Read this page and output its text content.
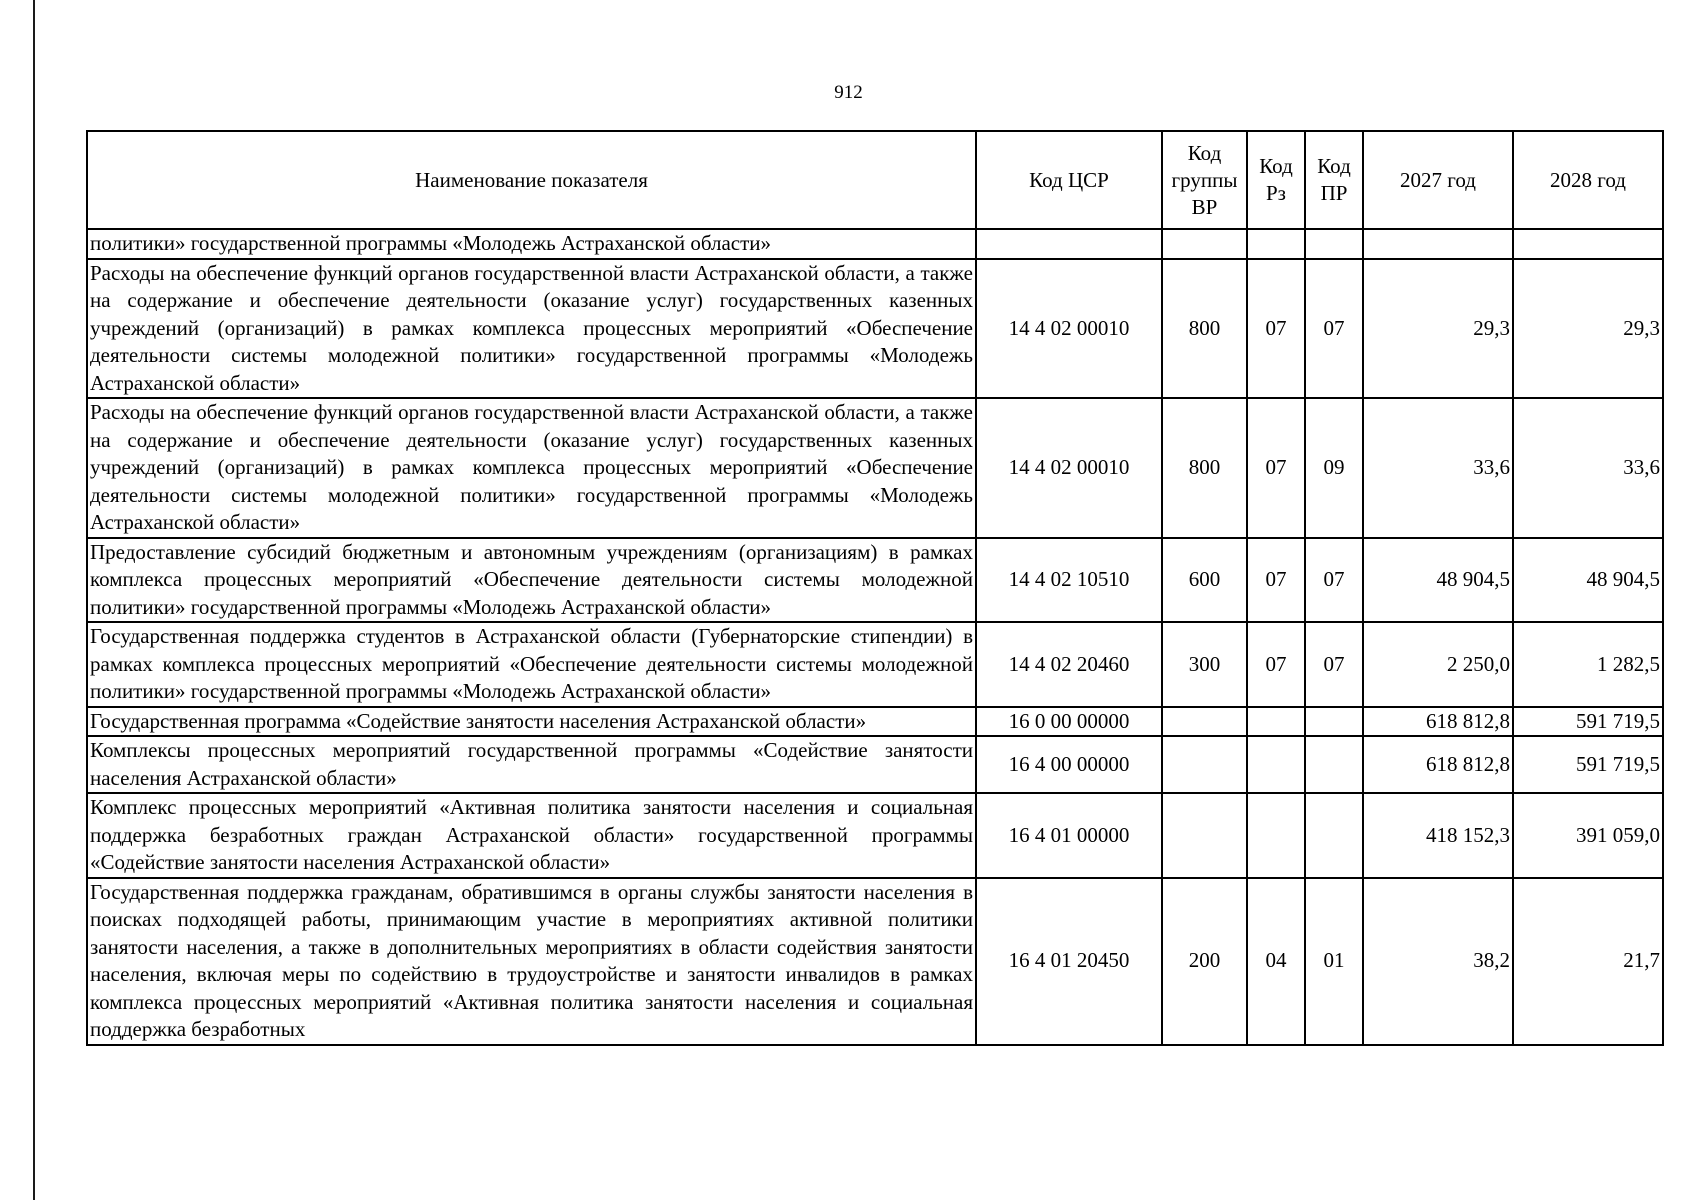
912
Наименование показателя	Код ЦСР	Код группы ВР	Код Рз	Код ПР	2027 год	2028 год
политики» государственной программы «Молодежь Астраханской области»						
Расходы на обеспечение функций органов государственной власти Астраханской области, а также на содержание и обеспечение деятельности (оказание услуг) государственных казенных учреждений (организаций) в рамках комплекса процессных мероприятий «Обеспечение деятельности системы молодежной политики» государственной программы «Молодежь Астраханской области»	14 4 02 00010	800	07	07	29,3	29,3
Расходы на обеспечение функций органов государственной власти Астраханской области, а также на содержание и обеспечение деятельности (оказание услуг) государственных казенных учреждений (организаций) в рамках комплекса процессных мероприятий «Обеспечение деятельности системы молодежной политики» государственной программы «Молодежь Астраханской области»	14 4 02 00010	800	07	09	33,6	33,6
Предоставление субсидий бюджетным и автономным учреждениям (организациям) в рамках комплекса процессных мероприятий «Обеспечение деятельности системы молодежной политики» государственной программы «Молодежь Астраханской области»	14 4 02 10510	600	07	07	48 904,5	48 904,5
Государственная поддержка студентов в Астраханской области (Губернаторские стипендии) в рамках комплекса процессных мероприятий «Обеспечение деятельности системы молодежной политики» государственной программы «Молодежь Астраханской области»	14 4 02 20460	300	07	07	2 250,0	1 282,5
Государственная программа «Содействие занятости населения Астраханской области»	16 0 00 00000				618 812,8	591 719,5
Комплексы процессных мероприятий государственной программы «Содействие занятости населения Астраханской области»	16 4 00 00000				618 812,8	591 719,5
Комплекс процессных мероприятий «Активная политика занятости населения и социальная поддержка безработных граждан Астраханской области» государственной программы «Содействие занятости населения Астраханской области»	16 4 01 00000				418 152,3	391 059,0
Государственная поддержка гражданам, обратившимся в органы службы занятости населения в поисках подходящей работы, принимающим участие в мероприятиях активной политики занятости населения, а также в дополнительных мероприятиях в области содействия занятости населения, включая меры по содействию в трудоустройстве и занятости инвалидов в рамках комплекса процессных мероприятий «Активная политика занятости населения и социальная поддержка безработных	16 4 01 20450	200	04	01	38,2	21,7
